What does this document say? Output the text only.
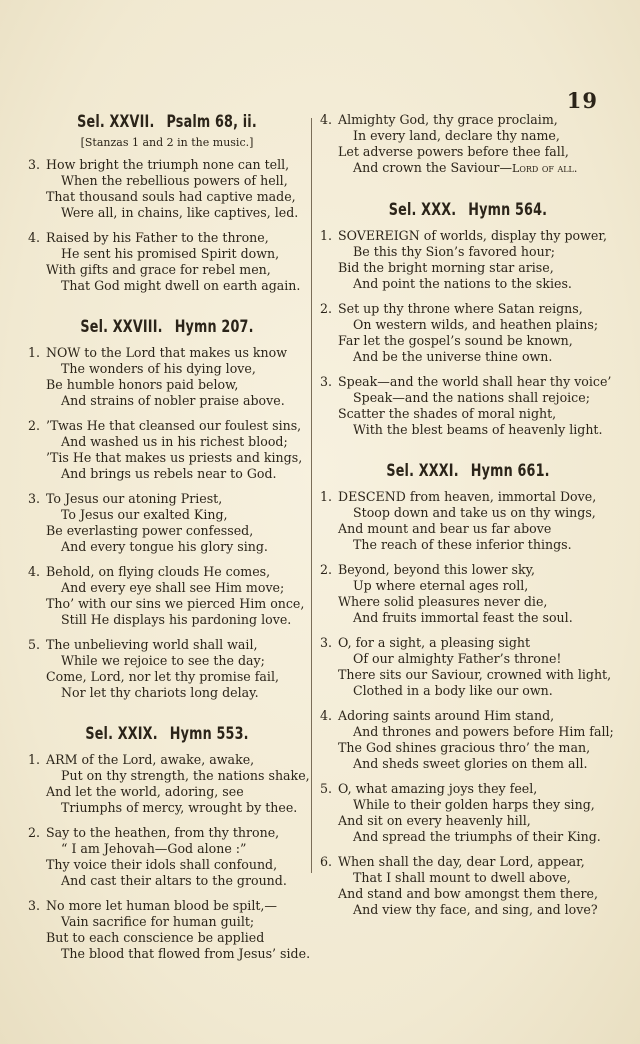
19
Sel. XXVII. Psalm 68, ii.
[Stanzas 1 and 2 in the music.]
3. How bright the triumph none can tell,
When the rebellious powers of hell,
That thousand souls had captive made,
Were all, in chains, like captives, led.
4. Raised by his Father to the throne,
He sent his promised Spirit down,
With gifts and grace for rebel men,
That God might dwell on earth again.
Sel. XXVIII. Hymn 207.
1. NOW to the Lord that makes us know
The wonders of his dying love,
Be humble honors paid below,
And strains of nobler praise above.
2. ’Twas He that cleansed our foulest sins,
And washed us in his richest blood;
’Tis He that makes us priests and kings,
And brings us rebels near to God.
3. To Jesus our atoning Priest,
To Jesus our exalted King,
Be everlasting power confessed,
And every tongue his glory sing.
4. Behold, on flying clouds He comes,
And every eye shall see Him move;
Tho’ with our sins we pierced Him once,
Still He displays his pardoning love.
5. The unbelieving world shall wail,
While we rejoice to see the day;
Come, Lord, nor let thy promise fail,
Nor let thy chariots long delay.
Sel. XXIX. Hymn 553.
1. ARM of the Lord, awake, awake,
Put on thy strength, the nations shake,
And let the world, adoring, see
Triumphs of mercy, wrought by thee.
2. Say to the heathen, from thy throne,
“ I am Jehovah—God alone :”
Thy voice their idols shall confound,
And cast their altars to the ground.
3. No more let human blood be spilt,—
Vain sacrifice for human guilt;
But to each conscience be applied
The blood that flowed from Jesus’ side.
4. Almighty God, thy grace proclaim,
In every land, declare thy name,
Let adverse powers before thee fall,
And crown the Saviour—Lord of all.
Sel. XXX. Hymn 564.
1. SOVEREIGN of worlds, display thy power,
Be this thy Sion’s favored hour;
Bid the bright morning star arise,
And point the nations to the skies.
2. Set up thy throne where Satan reigns,
On western wilds, and heathen plains;
Far let the gospel’s sound be known,
And be the universe thine own.
3. Speak—and the world shall hear thy voice’
Speak—and the nations shall rejoice;
Scatter the shades of moral night,
With the blest beams of heavenly light.
Sel. XXXI. Hymn 661.
1. DESCEND from heaven, immortal Dove,
Stoop down and take us on thy wings,
And mount and bear us far above
The reach of these inferior things.
2. Beyond, beyond this lower sky,
Up where eternal ages roll,
Where solid pleasures never die,
And fruits immortal feast the soul.
3. O, for a sight, a pleasing sight
Of our almighty Father’s throne!
There sits our Saviour, crowned with light,
Clothed in a body like our own.
4. Adoring saints around Him stand,
And thrones and powers before Him fall;
The God shines gracious thro’ the man,
And sheds sweet glories on them all.
5. O, what amazing joys they feel,
While to their golden harps they sing,
And sit on every heavenly hill,
And spread the triumphs of their King.
6. When shall the day, dear Lord, appear,
That I shall mount to dwell above,
And stand and bow amongst them there,
And view thy face, and sing, and love?
